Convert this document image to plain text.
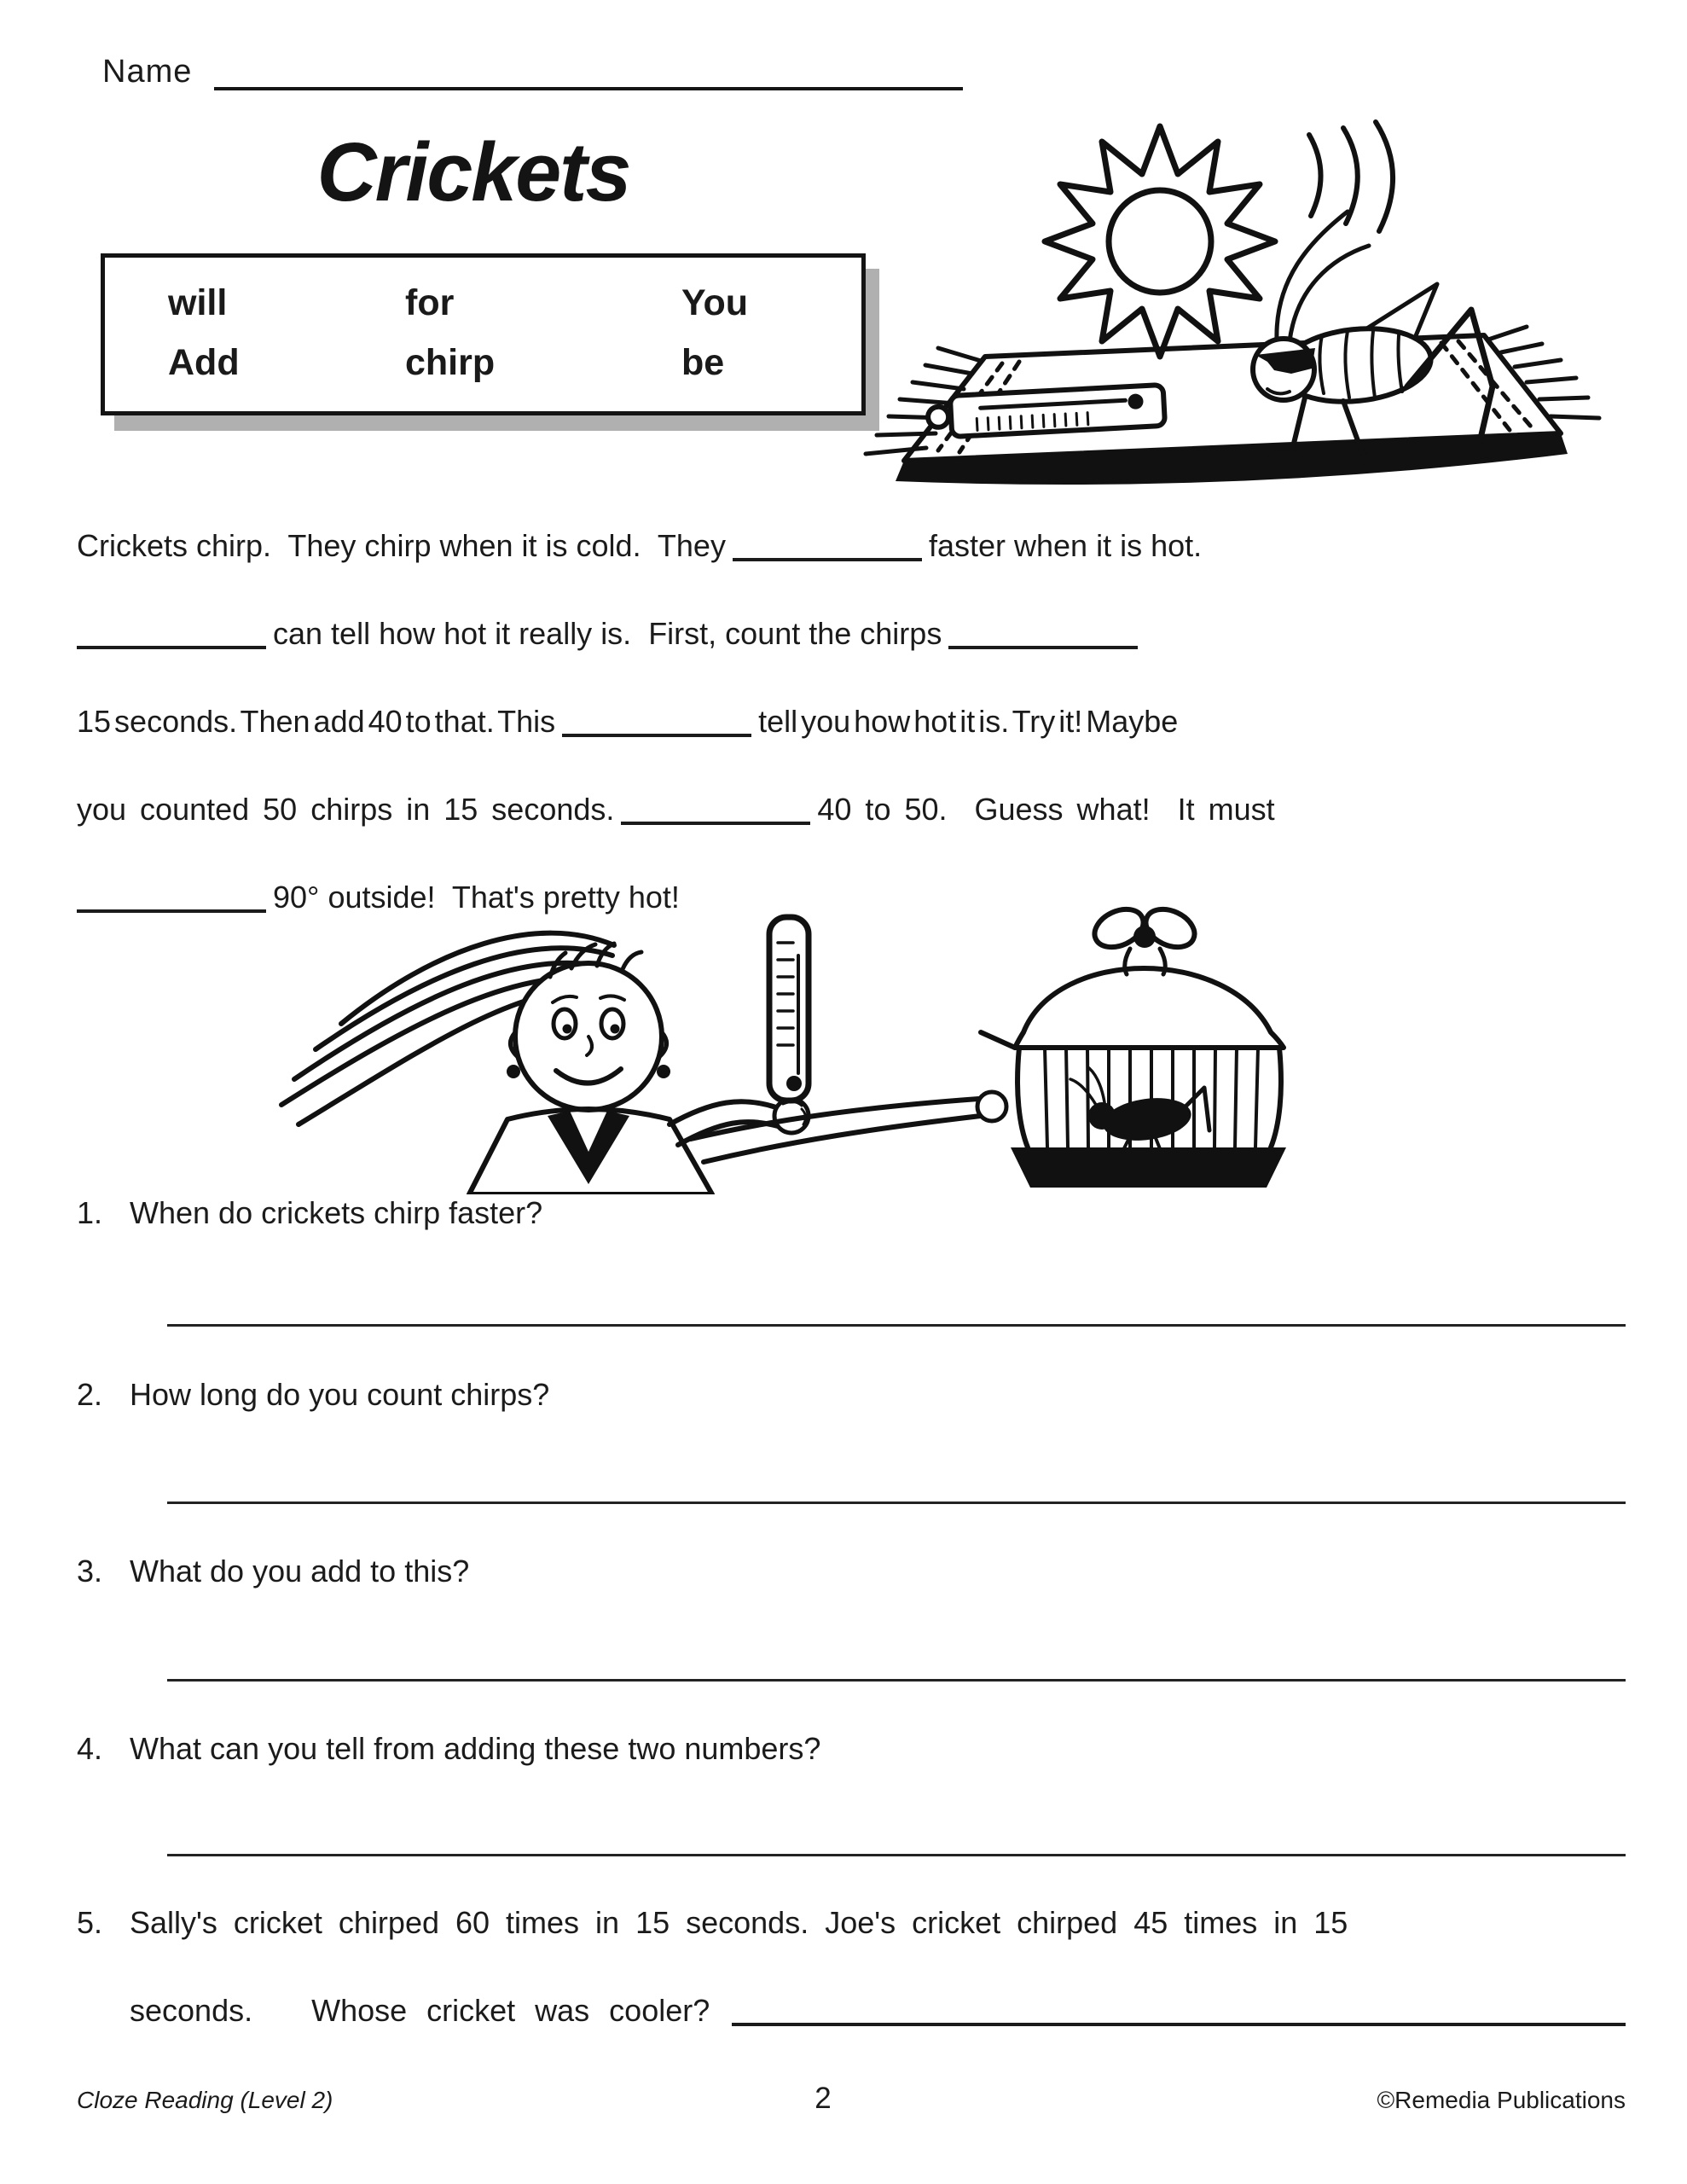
Name
Crickets
will	for	You
Add	chirp	be
Crickets chirp.  They chirp when it is cold.  They	faster when it is hot.
can tell how hot it really is.  First, count the chirps
15 seconds. Then add 40 to that. This	tell you how hot it is. Try it! Maybe
you counted 50 chirps in 15 seconds.	40 to 50.  Guess what!  It must
90° outside!  That's pretty hot!
1. When do crickets chirp faster?
2. How long do you count chirps?
3. What do you add to this?
4. What can you tell from adding these two numbers?
5. Sally's cricket chirped 60 times in 15 seconds. Joe's cricket chirped 45 times in 15
seconds.   Whose cricket was cooler?
Cloze Reading (Level 2)	2	©Remedia Publications
